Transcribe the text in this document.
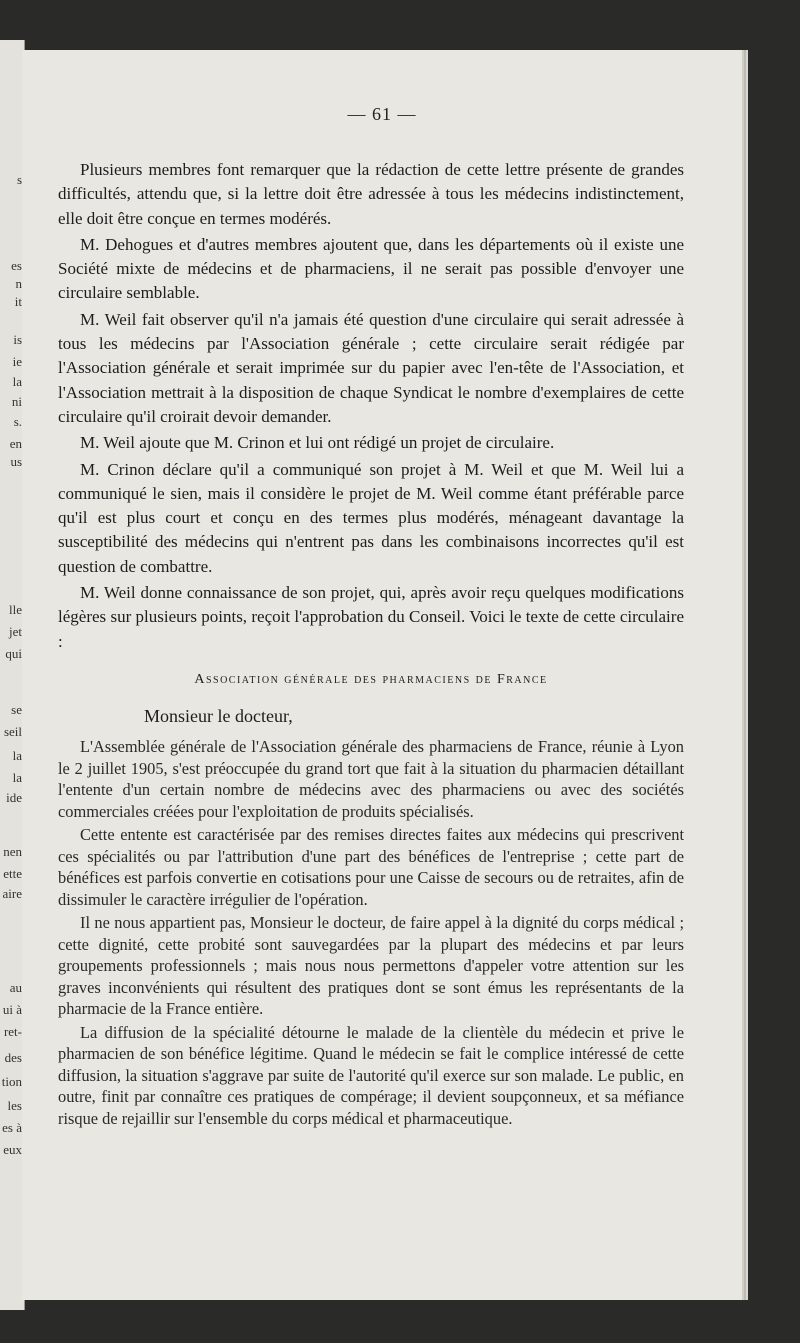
s
es
n
it
is
ie
la
ni
s.
en
us
lle
jet
qui
se
seil
la
la
ide
nen
ette
aire
au
ui à
ret-
des
tion
les
es à
eux
— 61 —

Plusieurs membres font remarquer que la rédaction de cette lettre présente de grandes difficultés, attendu que, si la lettre doit être adressée à tous les médecins indistinctement, elle doit être conçue en termes modérés.

M. Dehogues et d'autres membres ajoutent que, dans les départements où il existe une Société mixte de médecins et de pharmaciens, il ne serait pas possible d'envoyer une circulaire semblable.

M. Weil fait observer qu'il n'a jamais été question d'une circulaire qui serait adressée à tous les médecins par l'Association générale ; cette circulaire serait rédigée par l'Association générale et serait imprimée sur du papier avec l'en-tête de l'Association, et l'Association mettrait à la disposition de chaque Syndicat le nombre d'exemplaires de cette circulaire qu'il croirait devoir demander.

M. Weil ajoute que M. Crinon et lui ont rédigé un projet de circulaire.

M. Crinon déclare qu'il a communiqué son projet à M. Weil et que M. Weil lui a communiqué le sien, mais il considère le projet de M. Weil comme étant préférable parce qu'il est plus court et conçu en des termes plus modérés, ménageant davantage la susceptibilité des médecins qui n'entrent pas dans les combinaisons incorrectes qu'il est question de combattre.

M. Weil donne connaissance de son projet, qui, après avoir reçu quelques modifications légères sur plusieurs points, reçoit l'approbation du Conseil. Voici le texte de cette circulaire :

Association générale des pharmaciens de France
Monsieur le docteur,

L'Assemblée générale de l'Association générale des pharmaciens de France, réunie à Lyon le 2 juillet 1905, s'est préoccupée du grand tort que fait à la situation du pharmacien détaillant l'entente d'un certain nombre de médecins avec des pharmaciens ou avec des sociétés commerciales créées pour l'exploitation de produits spécialisés.

Cette entente est caractérisée par des remises directes faites aux médecins qui prescrivent ces spécialités ou par l'attribution d'une part des bénéfices de l'entreprise ; cette part de bénéfices est parfois convertie en cotisations pour une Caisse de secours ou de retraites, afin de dissimuler le caractère irrégulier de l'opération.

Il ne nous appartient pas, Monsieur le docteur, de faire appel à la dignité du corps médical ; cette dignité, cette probité sont sauvegardées par la plupart des médecins et par leurs groupements professionnels ; mais nous nous permettons d'appeler votre attention sur les graves inconvénients qui résultent des pratiques dont se sont émus les représentants de la pharmacie de la France entière.

La diffusion de la spécialité détourne le malade de la clientèle du médecin et prive le pharmacien de son bénéfice légitime. Quand le médecin se fait le complice intéressé de cette diffusion, la situation s'aggrave par suite de l'autorité qu'il exerce sur son malade. Le public, en outre, finit par connaître ces pratiques de compérage; il devient soupçonneux, et sa méfiance risque de rejaillir sur l'ensemble du corps médical et pharmaceutique.
